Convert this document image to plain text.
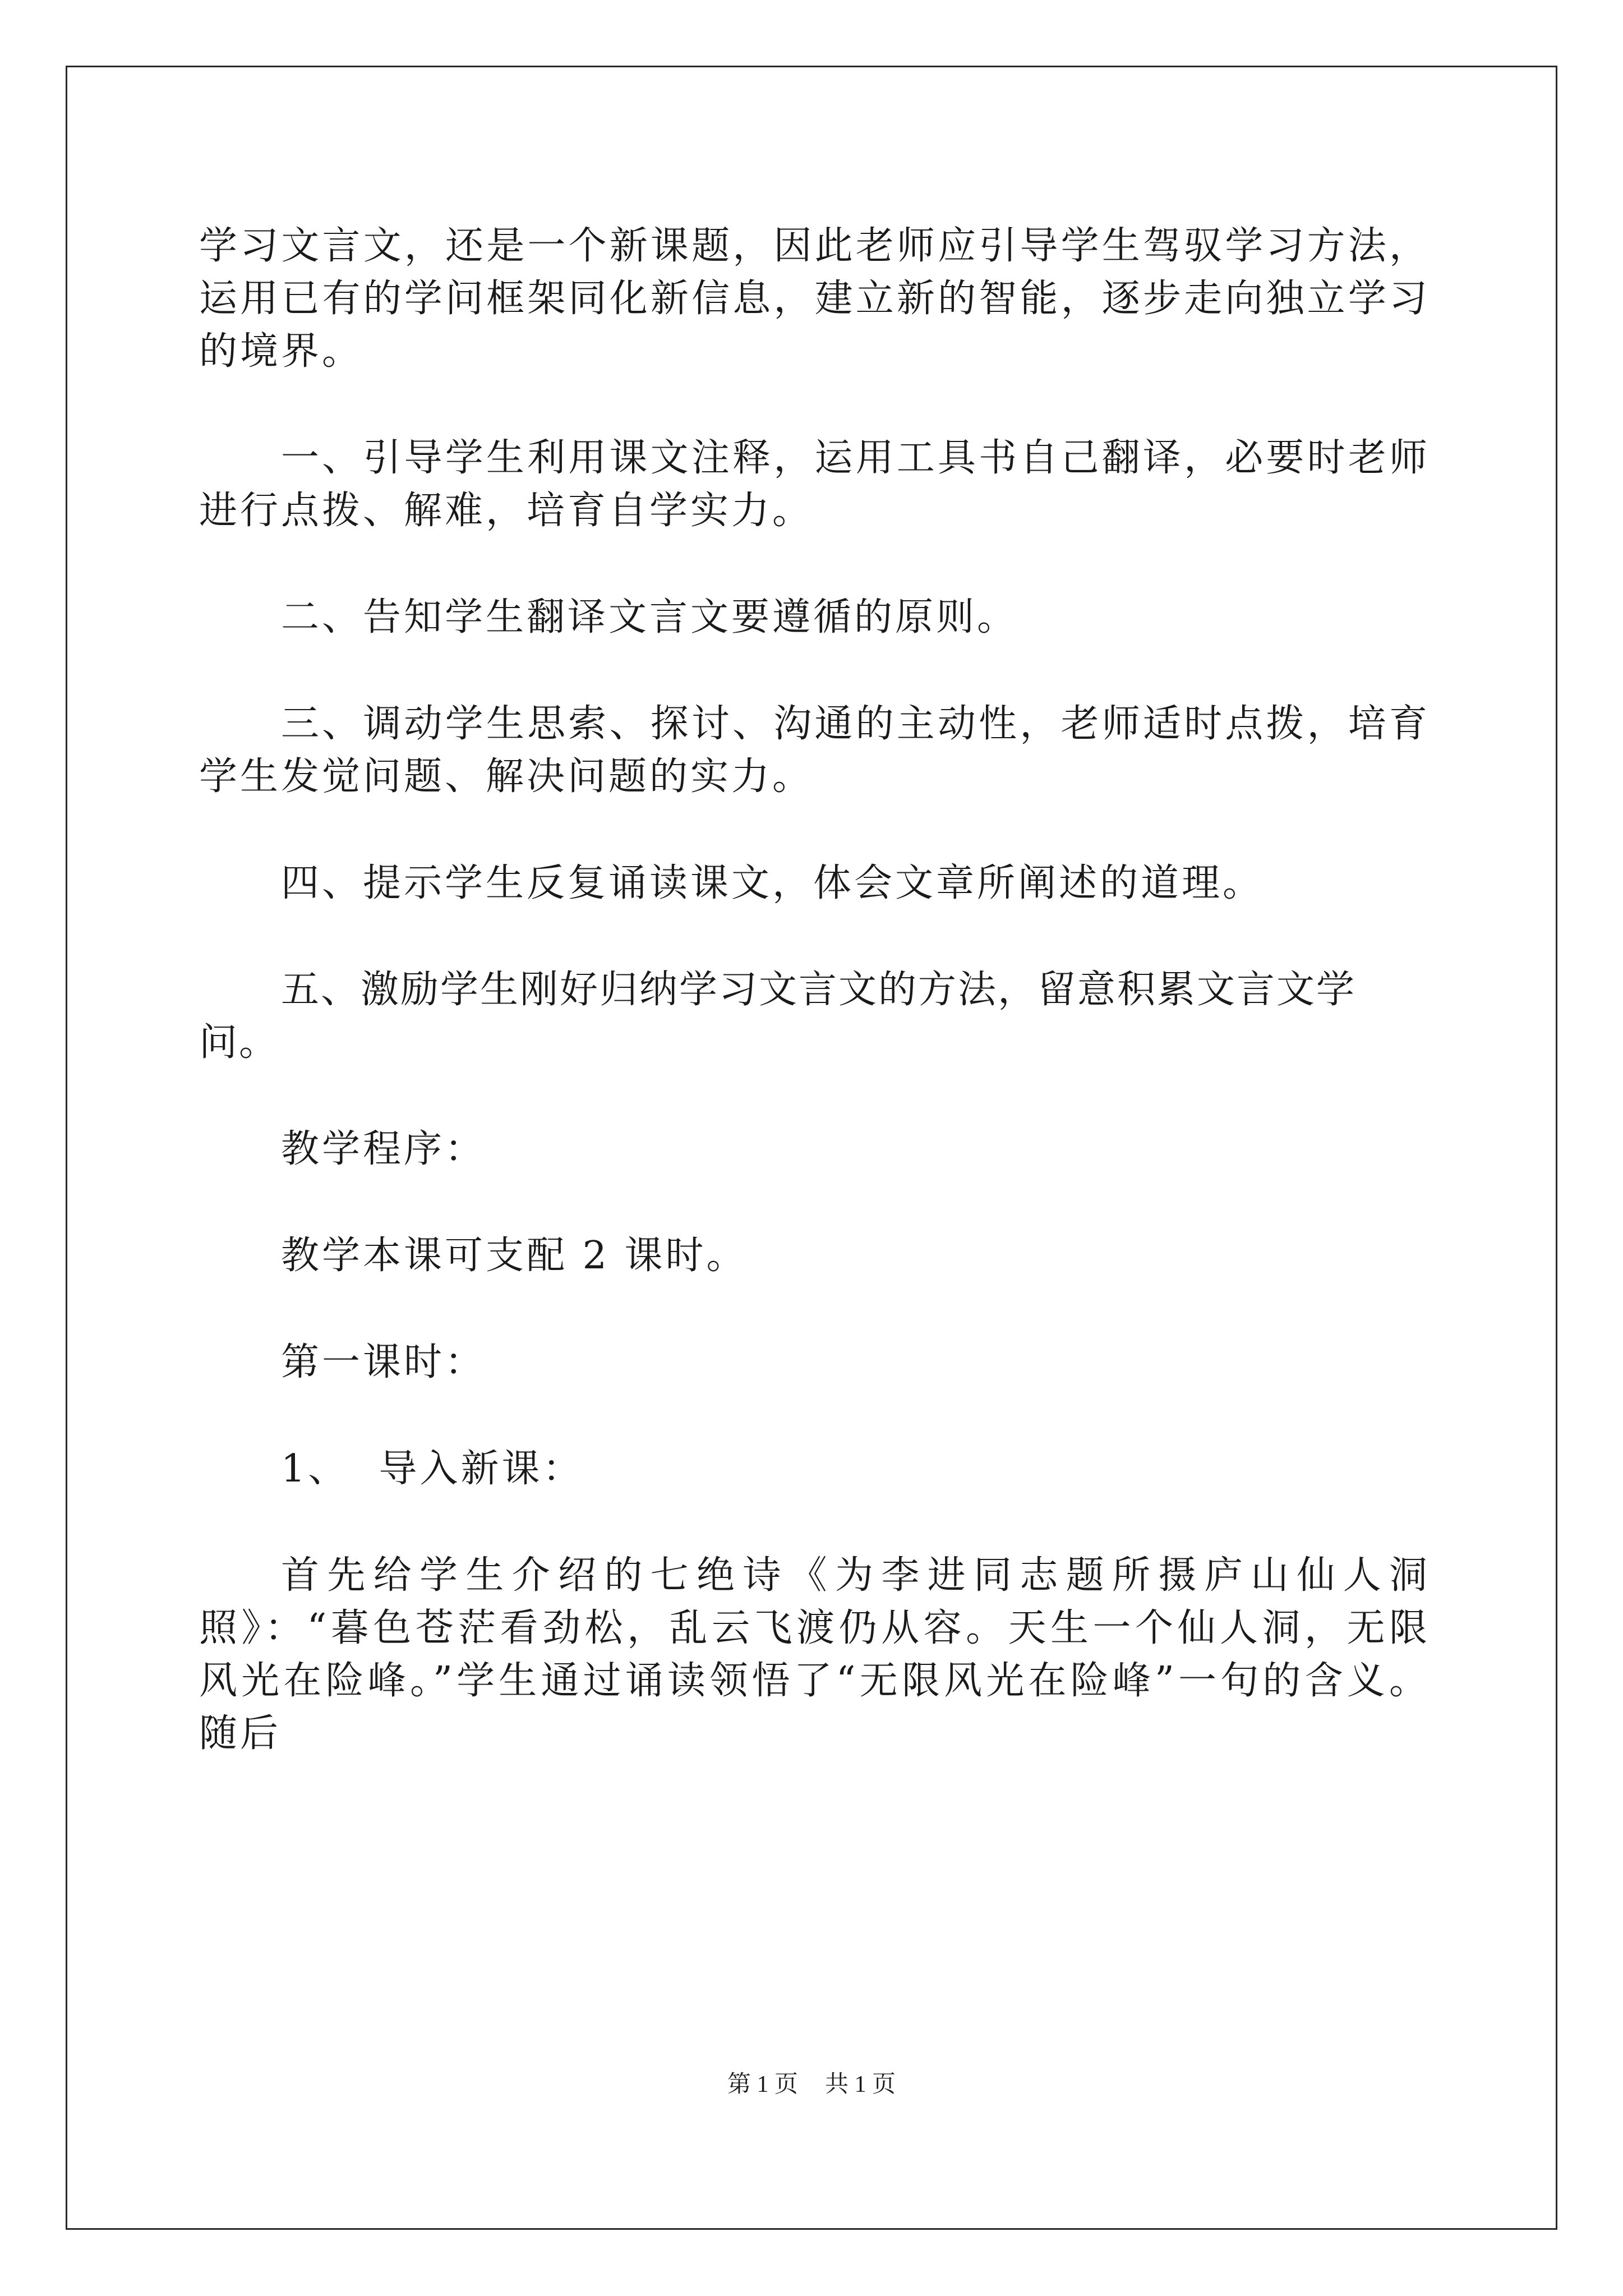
学习文言文，还是一个新课题，因此老师应引导学生驾驭学习方法，运用已有的学问框架同化新信息，建立新的智能，逐步走向独立学习的境界。

一、引导学生利用课文注释，运用工具书自己翻译，必要时老师进行点拨、解难，培育自学实力。

二、告知学生翻译文言文要遵循的原则。

三、调动学生思索、探讨、沟通的主动性，老师适时点拨，培育学生发觉问题、解决问题的实力。

四、提示学生反复诵读课文，体会文章所阐述的道理。

五、激励学生刚好归纳学习文言文的方法，留意积累文言文学问。

教学程序：

教学本课可支配 2 课时。

第一课时：

1、  导入新课：

首先给学生介绍的七绝诗《为李进同志题所摄庐山仙人洞照》：“暮色苍茫看劲松，乱云飞渡仍从容。天生一个仙人洞，无限风光在险峰。”学生通过诵读领悟了“无限风光在险峰”一句的含义。随后

第 1 页 共 1 页
